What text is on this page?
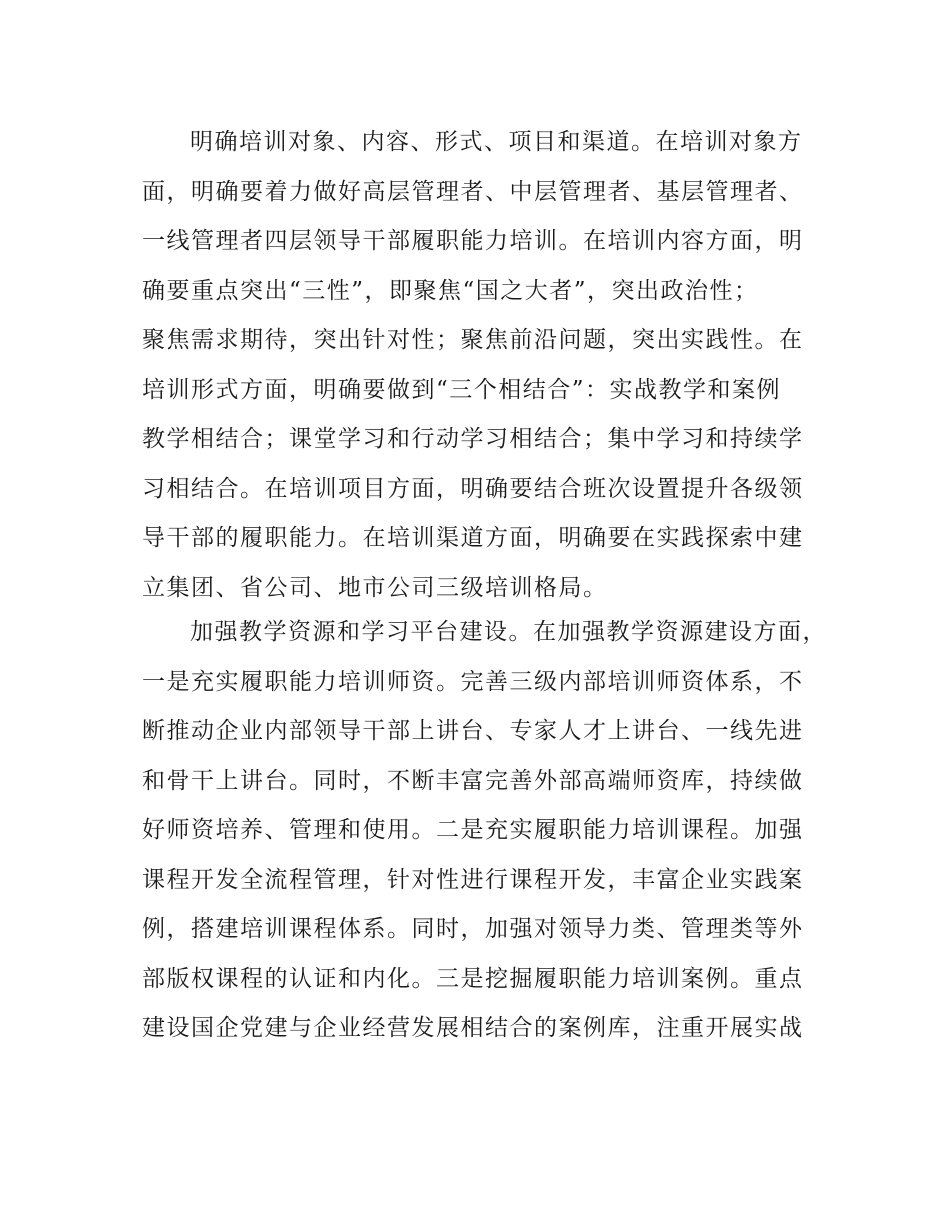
明确培训对象、内容、形式、项目和渠道。在培训对象方
面，明确要着力做好高层管理者、中层管理者、基层管理者、
一线管理者四层领导干部履职能力培训。在培训内容方面，明
确要重点突出“三性”，即聚焦“国之大者”，突出政治性；
聚焦需求期待，突出针对性；聚焦前沿问题，突出实践性。在
培训形式方面，明确要做到“三个相结合”：实战教学和案例
教学相结合；课堂学习和行动学习相结合；集中学习和持续学
习相结合。在培训项目方面，明确要结合班次设置提升各级领
导干部的履职能力。在培训渠道方面，明确要在实践探索中建
立集团、省公司、地市公司三级培训格局。
加强教学资源和学习平台建设。在加强教学资源建设方面，
一是充实履职能力培训师资。完善三级内部培训师资体系，不
断推动企业内部领导干部上讲台、专家人才上讲台、一线先进
和骨干上讲台。同时，不断丰富完善外部高端师资库，持续做
好师资培养、管理和使用。二是充实履职能力培训课程。加强
课程开发全流程管理，针对性进行课程开发，丰富企业实践案
例，搭建培训课程体系。同时，加强对领导力类、管理类等外
部版权课程的认证和内化。三是挖掘履职能力培训案例。重点
建设国企党建与企业经营发展相结合的案例库，注重开展实战
